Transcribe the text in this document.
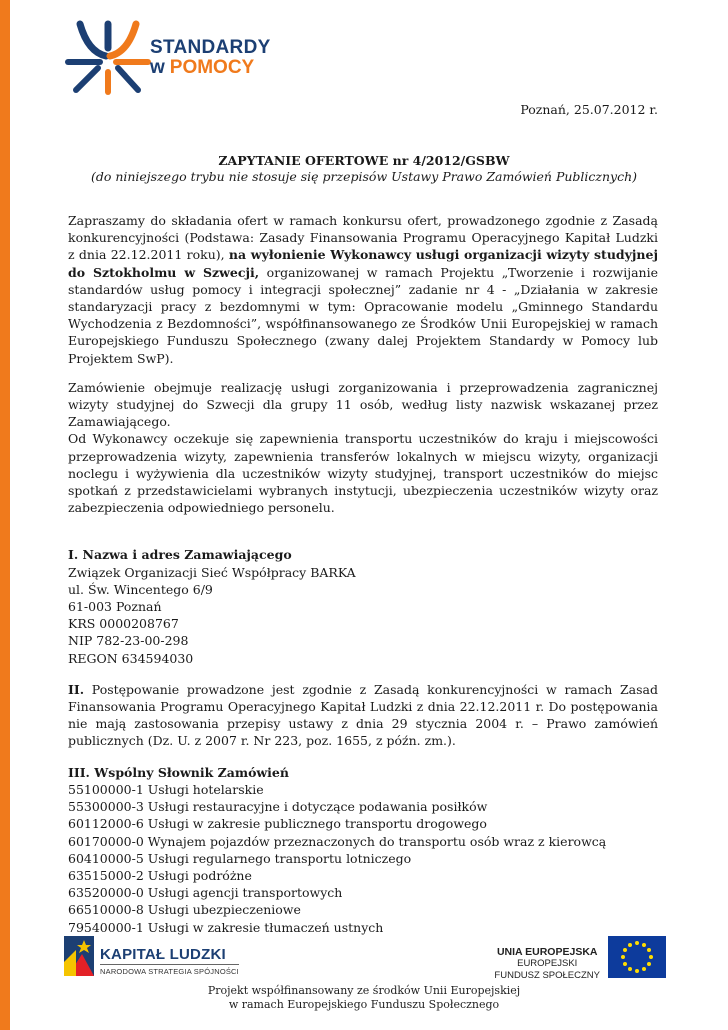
STANDARDY
w POMOCY
Poznań, 25.07.2012 r.
ZAPYTANIE OFERTOWE nr 4/2012/GSBW
(do niniejszego trybu nie stosuje się przepisów Ustawy Prawo Zamówień Publicznych)

Zapraszamy do składania ofert w ramach konkursu ofert, prowadzonego zgodnie z Zasadą konkurencyjności (Podstawa: Zasady Finansowania Programu Operacyjnego Kapitał Ludzki z dnia 22.12.2011 roku), na wyłonienie Wykonawcy usługi organizacji wizyty studyjnej do Sztokholmu w Szwecji, organizowanej w ramach Projektu „Tworzenie i rozwijanie standardów usług pomocy i integracji społecznej” zadanie nr 4 - „Działania w zakresie standaryzacji pracy z bezdomnymi w tym: Opracowanie modelu „Gminnego Standardu Wychodzenia z Bezdomności”, współfinansowanego ze Środków Unii Europejskiej w ramach Europejskiego Funduszu Społecznego (zwany dalej Projektem Standardy w Pomocy lub Projektem SwP).

Zamówienie obejmuje realizację usługi zorganizowania i przeprowadzenia zagranicznej wizyty studyjnej do Szwecji dla grupy 11 osób, według listy nazwisk wskazanej przez Zamawiającego.

Od Wykonawcy oczekuje się zapewnienia transportu uczestników do kraju i miejscowości przeprowadzenia wizyty, zapewnienia transferów lokalnych w miejscu wizyty, organizacji noclegu i wyżywienia dla uczestników wizyty studyjnej, transport uczestników do miejsc spotkań z przedstawicielami wybranych instytucji, ubezpieczenia uczestników wizyty oraz zabezpieczenia odpowiedniego personelu.

I. Nazwa i adres Zamawiającego

Związek Organizacji Sieć Współpracy BARKA

ul. Św. Wincentego 6/9

61-003 Poznań

KRS 0000208767

NIP 782-23-00-298

REGON 634594030

II. Postępowanie prowadzone jest zgodnie z Zasadą konkurencyjności w ramach Zasad Finansowania Programu Operacyjnego Kapitał Ludzki z dnia 22.12.2011 r. Do postępowania nie mają zastosowania przepisy ustawy z dnia 29 stycznia 2004 r. – Prawo zamówień publicznych (Dz. U. z 2007 r. Nr 223, poz. 1655, z późn. zm.).

III. Wspólny Słownik Zamówień

55100000-1 Usługi hotelarskie

55300000-3 Usługi restauracyjne i dotyczące podawania posiłków

60112000-6 Usługi w zakresie publicznego transportu drogowego

60170000-0 Wynajem pojazdów przeznaczonych do transportu osób wraz z kierowcą

60410000-5 Usługi regularnego transportu lotniczego

63515000-2 Usługi podróżne

63520000-0 Usługi agencji transportowych

66510000-8 Usługi ubezpieczeniowe

79540000-1 Usługi w zakresie tłumaczeń ustnych

KAPITAŁ LUDZKI
NARODOWA STRATEGIA SPÓJNOŚCI
UNIA EUROPEJSKA
EUROPEJSKI
FUNDUSZ SPOŁECZNY
Projekt współfinansowany ze środków Unii Europejskiej
w ramach Europejskiego Funduszu Społecznego
